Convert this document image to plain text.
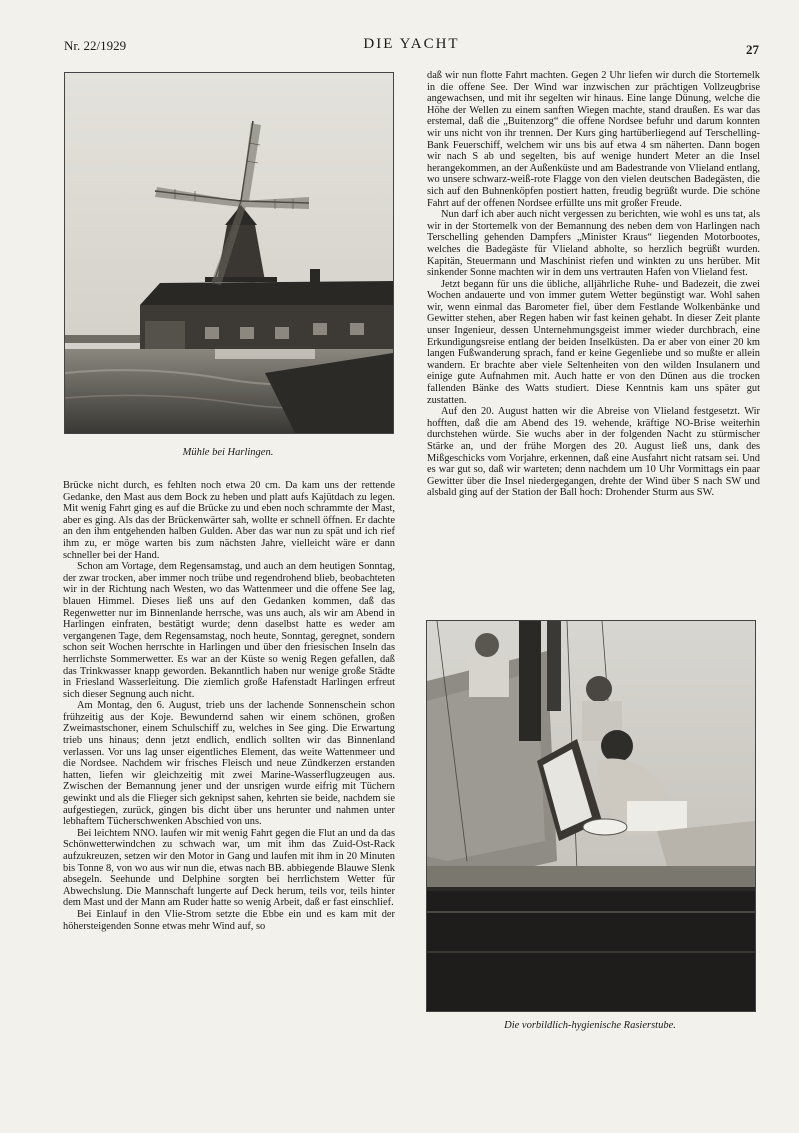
Nr. 22/1929	DIE YACHT	27
Mühle bei Harlingen.

Brücke nicht durch, es fehlten noch etwa 20 cm. Da kam uns der rettende Gedanke, den Mast aus dem Bock zu heben und platt aufs Kajütdach zu legen. Mit wenig Fahrt ging es auf die Brücke zu und eben noch schrammte der Mast, aber es ging. Als das der Brückenwärter sah, wollte er schnell öffnen. Er dachte an den ihm entgehenden halben Gulden. Aber das war nun zu spät und ich rief ihm zu, er möge warten bis zum nächsten Jahre, vielleicht wäre er dann schneller bei der Hand.

Schon am Vortage, dem Regensamstag, und auch an dem heutigen Sonntag, der zwar trocken, aber immer noch trübe und regendrohend blieb, beobachteten wir in der Richtung nach Westen, wo das Wattenmeer und die offene See lag, blauen Himmel. Dieses ließ uns auf den Gedanken kommen, daß das Regenwetter nur im Binnenlande herrsche, was uns auch, als wir am Abend in Harlingen einfraten, bestätigt wurde; denn daselbst hatte es weder am vergangenen Tage, dem Regensamstag, noch heute, Sonntag, geregnet, sondern schon seit Wochen herrschte in Harlingen und über den friesischen Inseln das herrlichste Sommerwetter. Es war an der Küste so wenig Regen gefallen, daß das Trinkwasser knapp geworden. Bekanntlich haben nur wenige große Städte in Friesland Wasserleitung. Die ziemlich große Hafenstadt Harlingen erfreut sich dieser Segnung auch nicht.

Am Montag, den 6. August, trieb uns der lachende Sonnenschein schon frühzeitig aus der Koje. Bewundernd sahen wir einem schönen, großen Zweimastschoner, einem Schulschiff zu, welches in See ging. Die Erwartung trieb uns hinaus; denn jetzt endlich, endlich sollten wir das Binnenland verlassen. Vor uns lag unser eigentliches Element, das weite Wattenmeer und die Nordsee. Nachdem wir frisches Fleisch und neue Zündkerzen erstanden hatten, liefen wir gleichzeitig mit zwei Marine-Wasserflugzeugen aus. Zwischen der Bemannung jener und der unsrigen wurde eifrig mit Tüchern gewinkt und als die Flieger sich geknipst sahen, kehrten sie beide, nachdem sie aufgestiegen, zurück, gingen bis dicht über uns herunter und nahmen unter lebhaftem Tücherschwenken Abschied von uns.

Bei leichtem NNO. laufen wir mit wenig Fahrt gegen die Flut an und da das Schönwetterwindchen zu schwach war, um mit ihm das Zuid-Ost-Rack aufzukreuzen, setzen wir den Motor in Gang und laufen mit ihm in 20 Minuten bis Tonne 8, von wo aus wir nun die, etwas nach BB. abbiegende Blauwe Slenk absegeln. Seehunde und Delphine sorgten bei herrlichstem Wetter für Abwechslung. Die Mannschaft lungerte auf Deck herum, teils vor, teils hinter dem Mast und der Mann am Ruder hatte so wenig Arbeit, daß er fast einschlief.

Bei Einlauf in den Vlie-Strom setzte die Ebbe ein und es kam mit der höhersteigenden Sonne etwas mehr Wind auf, so

daß wir nun flotte Fahrt machten. Gegen 2 Uhr liefen wir durch die Stortemelk in die offene See. Der Wind war inzwischen zur prächtigen Vollzeugbrise angewachsen, und mit ihr segelten wir hinaus. Eine lange Dünung, welche die Höhe der Wellen zu einem sanften Wiegen machte, stand draußen. Es war das erstemal, daß die „Buitenzorg“ die offene Nordsee befuhr und darum konnten wir uns nicht von ihr trennen. Der Kurs ging hartüberliegend auf Terschelling-Bank Feuerschiff, welchem wir uns bis auf etwa 4 sm näherten. Dann bogen wir nach S ab und segelten, bis auf wenige hundert Meter an die Insel herangekommen, an der Außenküste und am Badestrande von Vlieland entlang, wo unsere schwarz-weiß-rote Flagge von den vielen deutschen Badegästen, die sich auf den Buhnenköpfen postiert hatten, freudig begrüßt wurde. Die schöne Fahrt auf der offenen Nordsee erfüllte uns mit großer Freude.

Nun darf ich aber auch nicht vergessen zu berichten, wie wohl es uns tat, als wir in der Stortemelk von der Bemannung des neben dem von Harlingen nach Terschelling gehenden Dampfers „Minister Kraus“ liegenden Motorbootes, welches die Badegäste für Vlieland abholte, so herzlich begrüßt wurden. Kapitän, Steuermann und Maschinist riefen und winkten zu uns herüber. Mit sinkender Sonne machten wir in dem uns vertrauten Hafen von Vlieland fest.

Jetzt begann für uns die übliche, alljährliche Ruhe- und Badezeit, die zwei Wochen andauerte und von immer gutem Wetter begünstigt war. Wohl sahen wir, wenn einmal das Barometer fiel, über dem Festlande Wolkenbänke und Gewitter stehen, aber Regen haben wir fast keinen gehabt. In dieser Zeit plante unser Ingenieur, dessen Unternehmungsgeist immer wieder durchbrach, eine Erkundigungsreise entlang der beiden Inselküsten. Da er aber von einer 20 km langen Fußwanderung sprach, fand er keine Gegenliebe und so mußte er allein wandern. Er brachte aber viele Seltenheiten von den wilden Insulanern und einige gute Aufnahmen mit. Auch hatte er von den Dünen aus die trocken fallenden Bänke des Watts studiert. Diese Kenntnis kam uns später gut zustatten.

Auf den 20. August hatten wir die Abreise von Vlieland festgesetzt. Wir hofften, daß die am Abend des 19. wehende, kräftige NO-Brise weiterhin durchstehen würde. Sie wuchs aber in der folgenden Nacht zu stürmischer Stärke an, und der frühe Morgen des 20. August ließ uns, dank des Mißgeschicks vom Vorjahre, erkennen, daß eine Ausfahrt nicht ratsam sei. Und es war gut so, daß wir warteten; denn nachdem um 10 Uhr Vormittags ein paar Gewitter über die Insel niedergegangen, drehte der Wind über S nach SW und alsbald ging auf der Station der Ball hoch: Drohender Sturm aus SW.

Die vorbildlich-hygienische Rasierstube.
